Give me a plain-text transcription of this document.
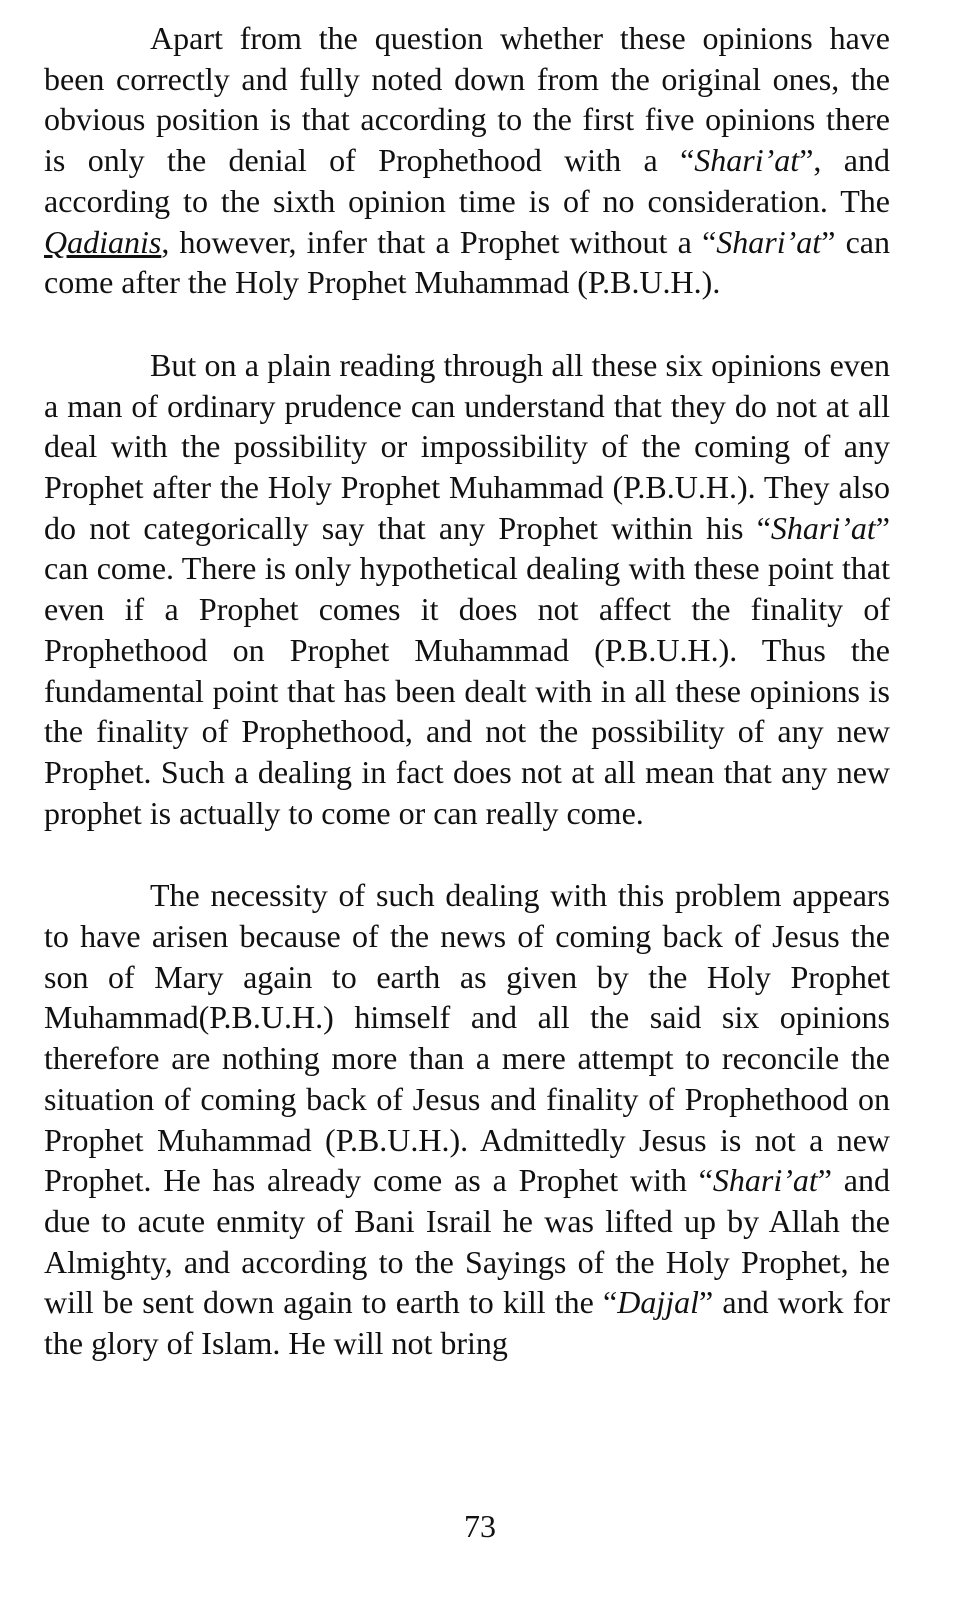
Apart from the question whether these opinions have been correctly and fully noted down from the original ones, the obvious position is that according to the first five opinions there is only the denial of Prophethood with a “Shari’at”, and according to the sixth opinion time is of no consideration. The Qadianis, however, infer that a Prophet without a “Shari’at” can come after the Holy Prophet Muhammad (P.B.U.H.).

But on a plain reading through all these six opinions even a man of ordinary prudence can understand that they do not at all deal with the possibility or impossibility of the coming of any Prophet after the Holy Prophet Muhammad (P.B.U.H.). They also do not categorically say that any Prophet within his “Shari’at” can come. There is only hypothetical dealing with these point that even if a Prophet comes it does not affect the finality of Prophethood on Prophet Muhammad (P.B.U.H.). Thus the fundamental point that has been dealt with in all these opinions is the finality of Prophethood, and not the possibility of any new Prophet. Such a dealing in fact does not at all mean that any new prophet is actually to come or can really come.

The necessity of such dealing with this problem appears to have arisen because of the news of coming back of Jesus the son of Mary again to earth as given by the Holy Prophet Muhammad(P.B.U.H.) himself and all the said six opinions therefore are nothing more than a mere attempt to reconcile the situation of coming back of Jesus and finality of Prophethood on Prophet Muhammad (P.B.U.H.). Admittedly Jesus is not a new Prophet. He has already come as a Prophet with “Shari’at” and due to acute enmity of Bani Israil he was lifted up by Allah the Almighty, and according to the Sayings of the Holy Prophet, he will be sent down again to earth to kill the “Dajjal” and work for the glory of Islam. He will not bring

73
